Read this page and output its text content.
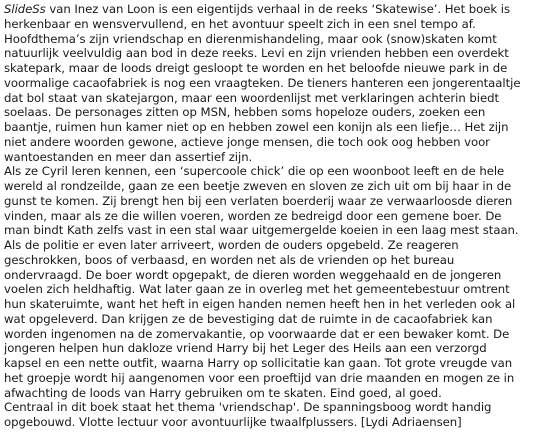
SlideSs van Inez van Loon is een eigentijds verhaal in de reeks ‘Skatewise’. Het boek is
herkenbaar en wensvervullend, en het avontuur speelt zich in een snel tempo af.
Hoofdthema’s zijn vriendschap en dierenmishandeling, maar ook (snow)skaten komt
natuurlijk veelvuldig aan bod in deze reeks. Levi en zijn vrienden hebben een overdekt
skatepark, maar de loods dreigt gesloopt te worden en het beloofde nieuwe park in de
voormalige cacaofabriek is nog een vraagteken. De tieners hanteren een jongerentaaltje
dat bol staat van skatejargon, maar een woordenlijst met verklaringen achterin biedt
soelaas. De personages zitten op MSN, hebben soms hopeloze ouders, zoeken een
baantje, ruimen hun kamer niet op en hebben zowel een konijn als een liefje… Het zijn
niet andere woorden gewone, actieve jonge mensen, die toch ook oog hebben voor
wantoestanden en meer dan assertief zijn.
Als ze Cyril leren kennen, een ‘supercoole chick’ die op een woonboot leeft en de hele
wereld al rondzeilde, gaan ze een beetje zweven en sloven ze zich uit om bij haar in de
gunst te komen. Zij brengt hen bij een verlaten boerderij waar ze verwaarloosde dieren
vinden, maar als ze die willen voeren, worden ze bedreigd door een gemene boer. De
man bindt Kath zelfs vast in een stal waar uitgemergelde koeien in een laag mest staan.
Als de politie er even later arriveert, worden de ouders opgebeld. Ze reageren
geschrokken, boos of verbaasd, en worden net als de vrienden op het bureau
ondervraagd. De boer wordt opgepakt, de dieren worden weggehaald en de jongeren
voelen zich heldhaftig. Wat later gaan ze in overleg met het gemeentebestuur omtrent
hun skateruimte, want het heft in eigen handen nemen heeft hen in het verleden ook al
wat opgeleverd. Dan krijgen ze de bevestiging dat de ruimte in de cacaofabriek kan
worden ingenomen na de zomervakantie, op voorwaarde dat er een bewaker komt. De
jongeren helpen hun dakloze vriend Harry bij het Leger des Heils aan een verzorgd
kapsel en een nette outfit, waarna Harry op sollicitatie kan gaan. Tot grote vreugde van
het groepje wordt hij aangenomen voor een proeftijd van drie maanden en mogen ze in
afwachting de loods van Harry gebruiken om te skaten. Eind goed, al goed.
Centraal in dit boek staat het thema 'vriendschap'. De spanningsboog wordt handig
opgebouwd. Vlotte lectuur voor avontuurlijke twaalfplussers. [Lydi Adriaensen]
